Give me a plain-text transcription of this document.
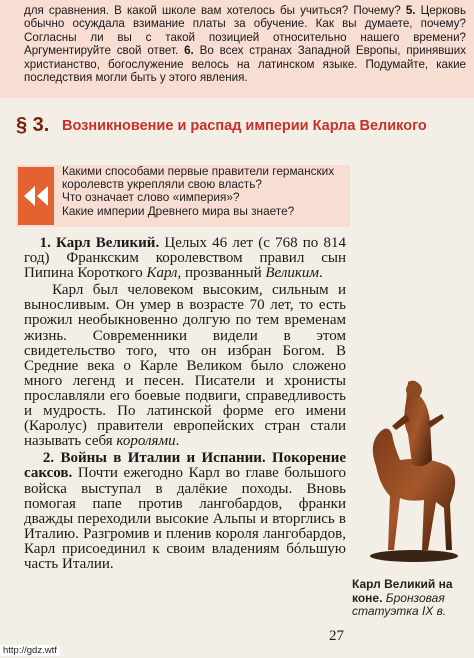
для сравнения. В какой школе вам хотелось бы учиться? Почему? 5. Церковь обычно осуждала взимание платы за обучение. Как вы думаете, почему? Согласны ли вы с такой позицией относительно нашего времени? Аргументируйте свой ответ. 6. Во всех странах Западной Европы, принявших христианство, богослужение велось на латинском языке. Подумайте, какие последствия могли быть у этого явления.
§ 3. Возникновение и распад империи Карла Великого
Какими способами первые правители германских королевств укрепляли свою власть?
Что означает слово «империя»?
Какие империи Древнего мира вы знаете?

1. Карл Великий. Целых 46 лет (с 768 по 814 год) Франкским королевством правил сын Пипина Короткого Карл, прозванный Великим.

Карл был человеком высоким, сильным и выносливым. Он умер в возрасте 70 лет, то есть прожил необыкновенно долгую по тем временам жизнь. Современники видели в этом свидетельство того, что он избран Богом. В Средние века о Карле Великом было сложено много легенд и песен. Писатели и хронисты прославляли его боевые подвиги, справедливость и мудрость. По латинской форме его имени (Каролус) правители европейских стран стали называть себя королями.

2. Войны в Италии и Испании. Покорение саксов. Почти ежегодно Карл во главе большого войска выступал в далёкие походы. Вновь помогая папе против лангобардов, франки дважды переходили высокие Альпы и вторглись в Италию. Разгромив и пленив короля лангобардов, Карл присоединил к своим владениям бóльшую часть Италии.

Карл Великий на коне. Бронзовая статуэтка IX в.
27
http://gdz.wtf
